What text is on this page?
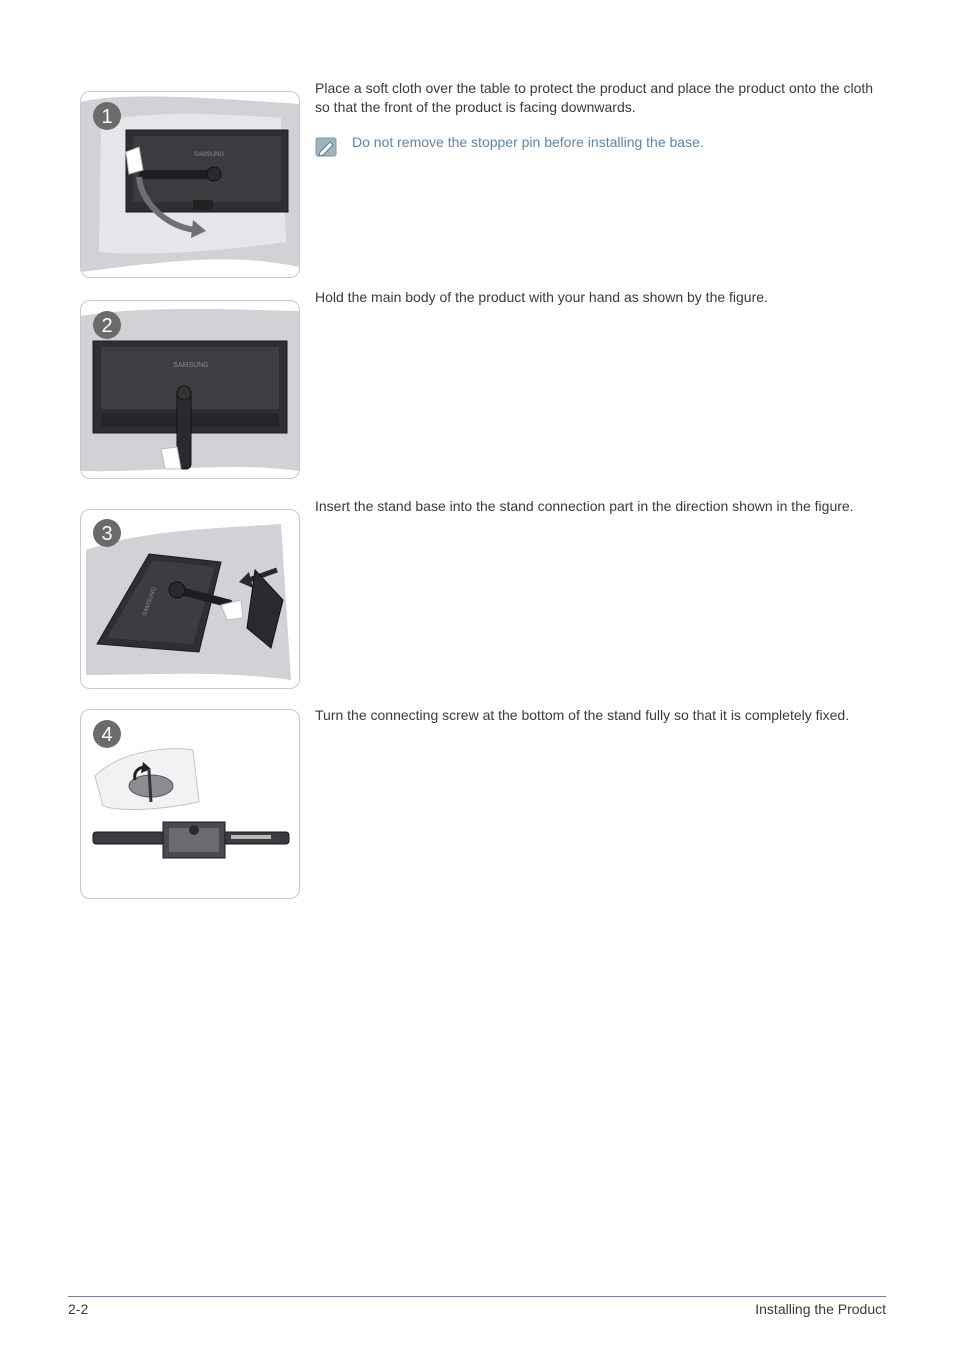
SAMSUNG
1
Place a soft cloth over the table to protect the product and place the product onto the cloth so that the front of the product is facing downwards.
Do not remove the stopper pin before installing the base.
SAMSUNG
2
Hold the main body of the product with your hand as shown by the figure.
SAMSUNG
3
Insert the stand base into the stand connection part in the direction shown in the figure.
4
Turn the connecting screw at the bottom of the stand fully so that it is completely fixed.
2-2	Installing the Product
